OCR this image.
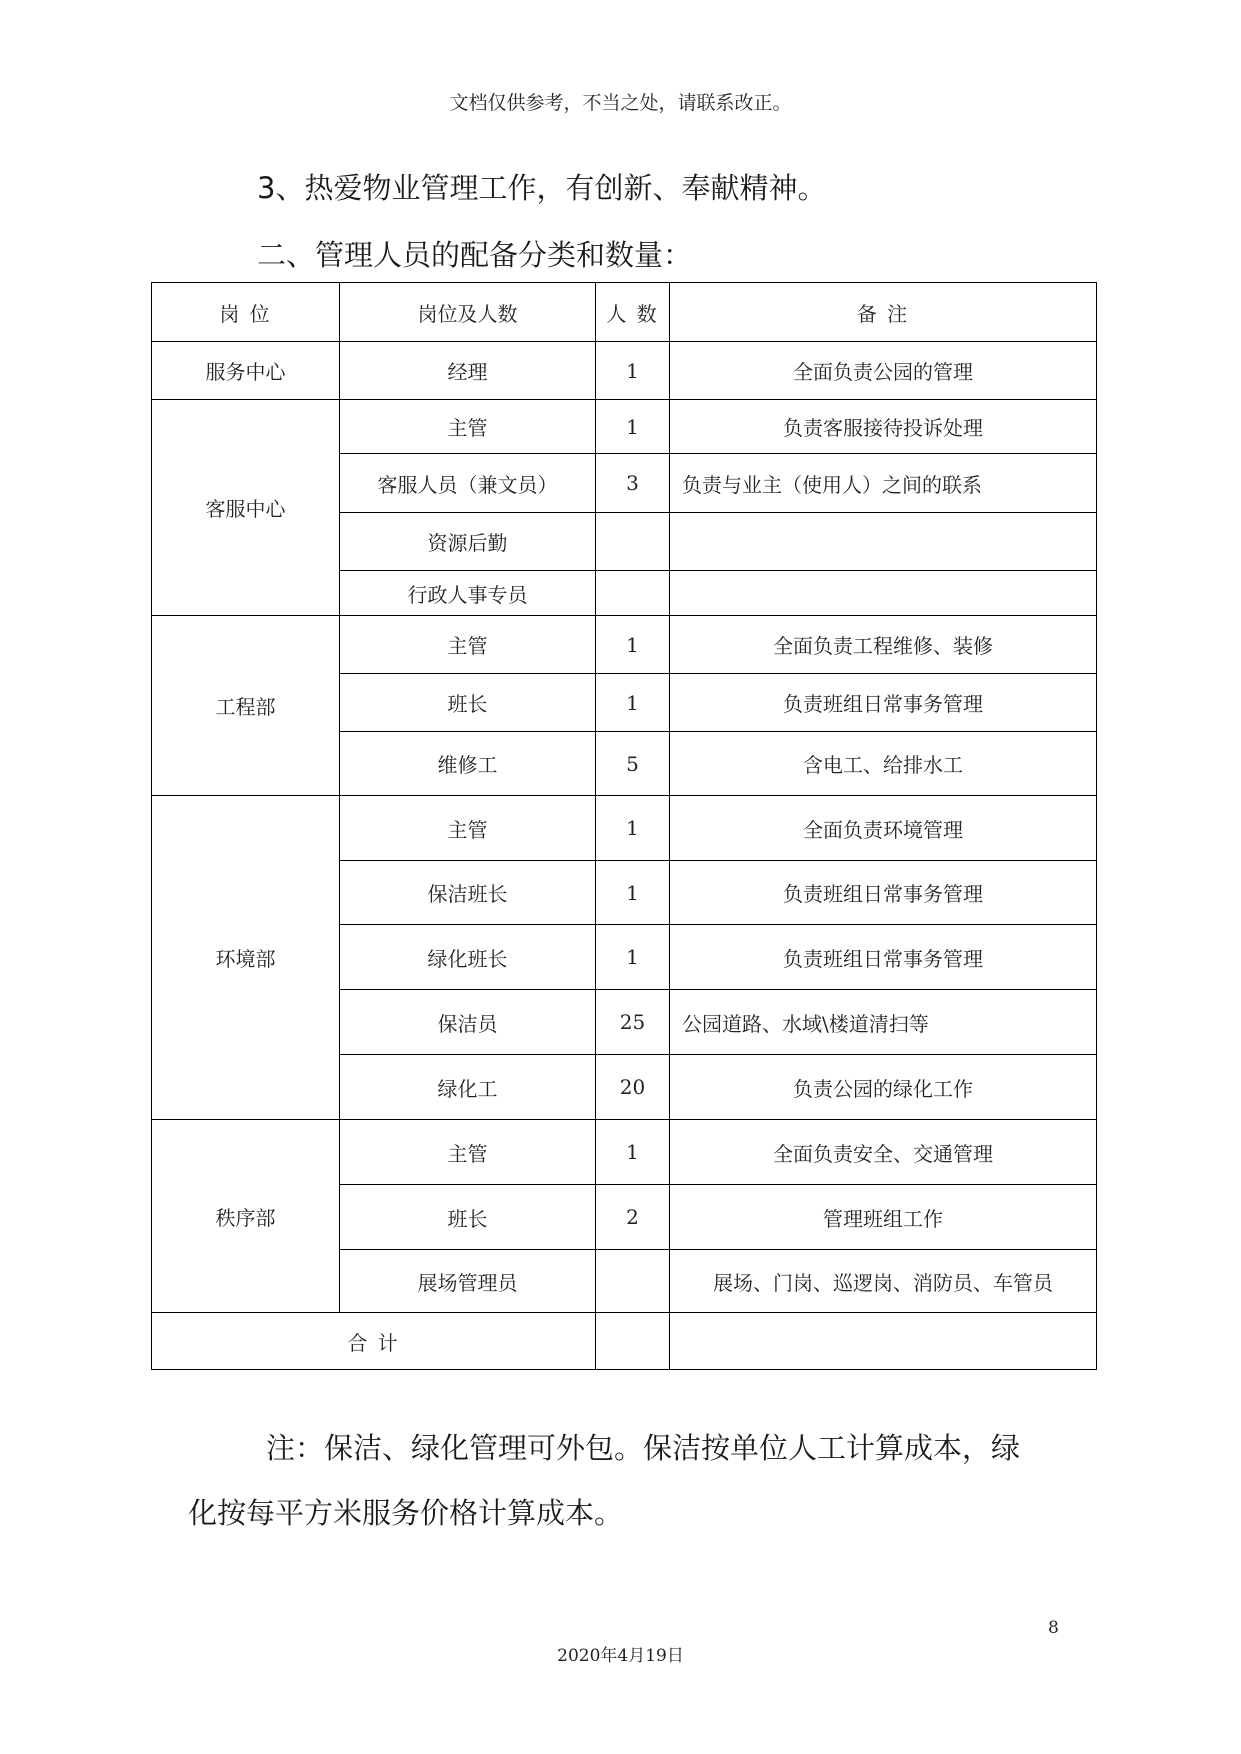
文档仅供参考，不当之处，请联系改正。
3、热爱物业管理工作，有创新、奉献精神。
二、管理人员的配备分类和数量：
岗 位	岗位及人数	人 数	备 注
服务中心	经理	1	全面负责公园的管理
客服中心	主管	1	负责客服接待投诉处理
	客服人员（兼文员）	3	负责与业主（使用人）之间的联系
	资源后勤		
	行政人事专员		
工程部	主管	1	全面负责工程维修、装修
	班长	1	负责班组日常事务管理
	维修工	5	含电工、给排水工
环境部	主管	1	全面负责环境管理
	保洁班长	1	负责班组日常事务管理
	绿化班长	1	负责班组日常事务管理
	保洁员	25	公园道路、水域\楼道清扫等
	绿化工	20	负责公园的绿化工作
秩序部	主管	1	全面负责安全、交通管理
	班长	2	管理班组工作
	展场管理员		展场、门岗、巡逻岗、消防员、车管员
合 计			
注：保洁、绿化管理可外包。保洁按单位人工计算成本，绿
化按每平方米服务价格计算成本。
8
2020年4月19日
